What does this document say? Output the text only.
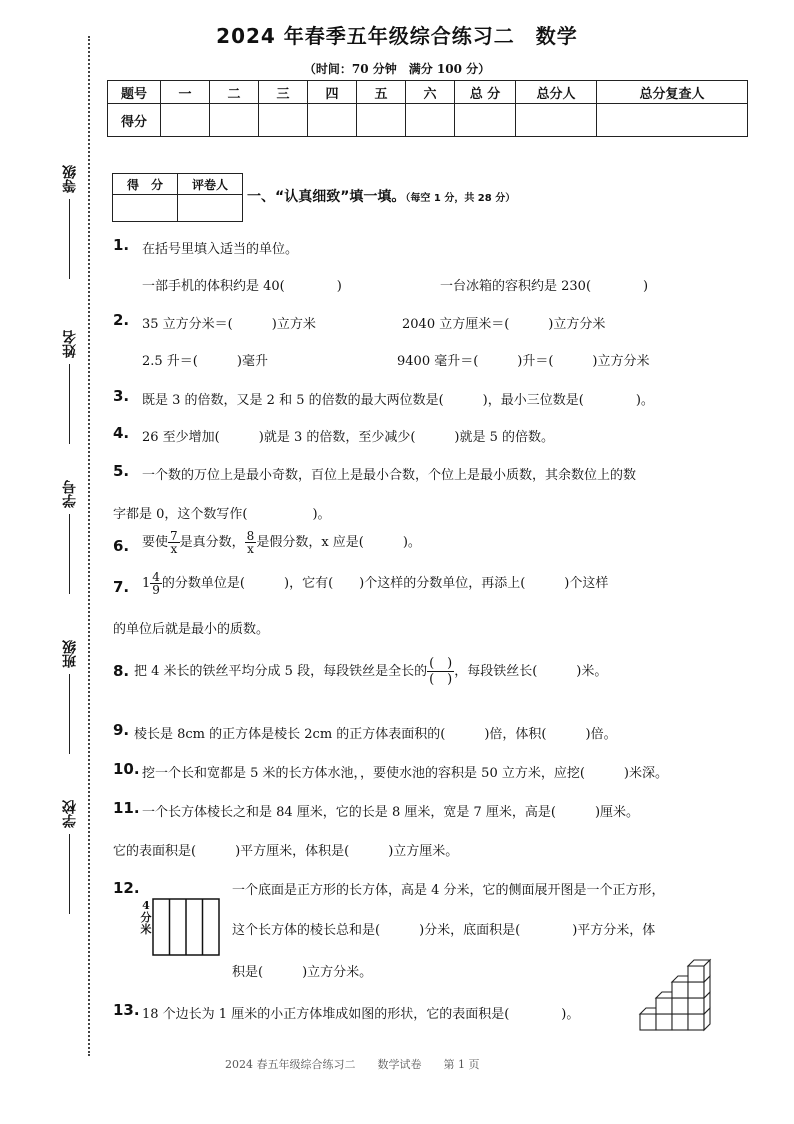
2024 年春季五年级综合练习二　数学
（时间：70 分钟　满分 100 分）
题号	一	二	三	四	五	六	总 分	总分人	总分复查人
得分									
等级
姓名
学号
班级
学校
得　分	评卷人

一、“认真细致”填一填。（每空 1 分，共 28 分）
1. 在括号里填入适当的单位。
一部手机的体积约是 40(　　　　)	一台冰箱的容积约是 230(　　　　)
2. 35 立方分米＝(　　　)立方米	2040 立方厘米＝(　　　)立方分米
2.5 升＝(　　　)毫升	9400 毫升＝(　　　)升＝(　　　)立方分米
3. 既是 3 的倍数，又是 2 和 5 的倍数的最大两位数是(　　　)，最小三位数是(　　　　)。
4. 26 至少增加(　　　)就是 3 的倍数，至少减少(　　　)就是 5 的倍数。
5. 一个数的万位上是最小奇数，百位上是最小合数，个位上是最小质数，其余数位上的数
字都是 0，这个数写作(　　　　　)。
6. 要使 $\frac{7}{x}$ 是真分数， $\frac{8}{x}$ 是假分数，x 应是(　　　)。
7. $1 \frac{4}{9}$ 的分数单位是(　　　)，它有(　　)个这样的分数单位，再添上(　　　)个这样
的单位后就是最小的质数。
8. 把 4 米长的铁丝平均分成 5 段，每段铁丝是全长的 $\frac{( )}{( )}$ ，每段铁丝长(　　　)米。
9. 棱长是 8cm 的正方体是棱长 2cm 的正方体表面积的(　　　)倍，体积(　　　)倍。
10. 挖一个长和宽都是 5 米的长方体水池，，要使水池的容积是 50 立方米，应挖(　　　)米深。
11. 一个长方体棱长之和是 84 厘米，它的长是 8 厘米，宽是 7 厘米，高是(　　　)厘米。
它的表面积是(　　　)平方厘米，体积是(　　　)立方厘米。
12.	一个底面是正方形的长方体，高是 4 分米，它的侧面展开图是一个正方形，
这个长方体的棱长总和是(　　　)分米，底面积是(　　　　)平方分米，体
积是(　　　)立方分米。
4分米
13. 18 个边长为 1 厘米的小正方体堆成如图的形状，它的表面积是(　　　　)。
2024 春五年级综合练习二　　数学试卷　　第 1 页
